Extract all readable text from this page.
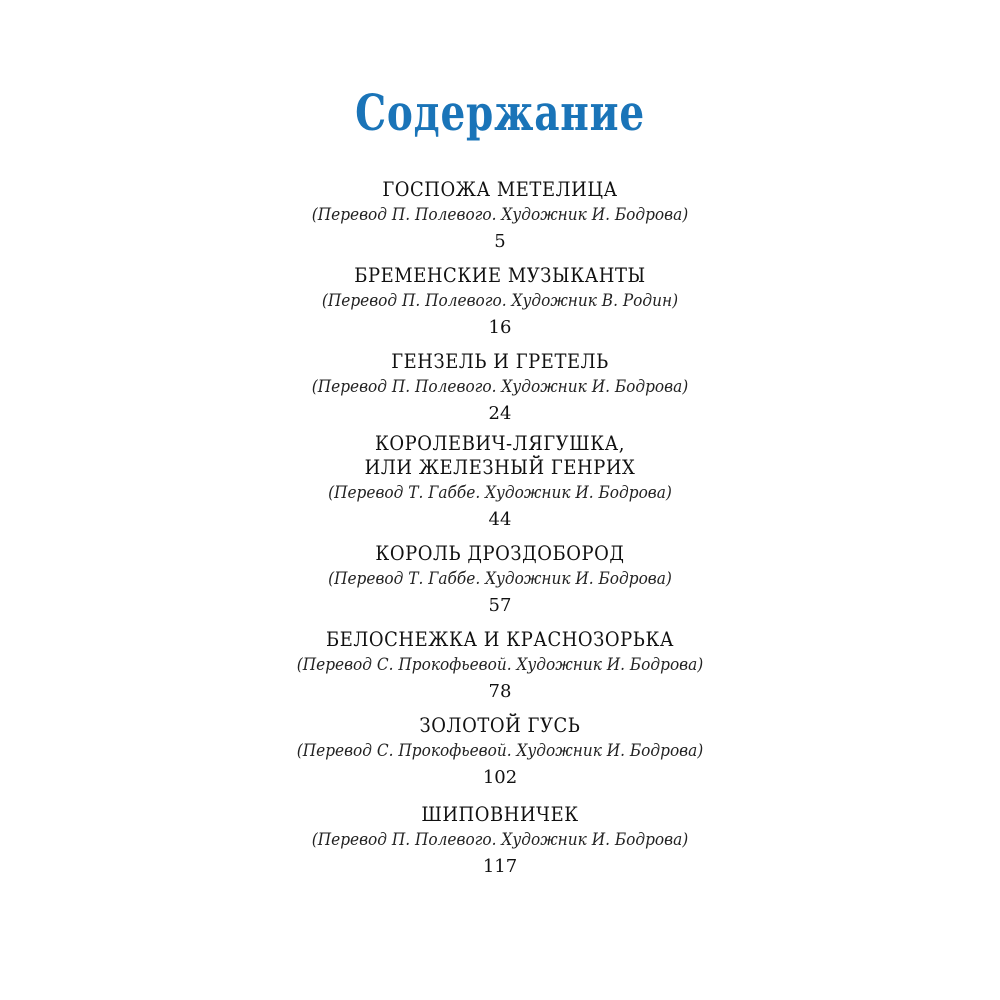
Содержание
ГОСПОЖА МЕТЕЛИЦА
(Перевод П. Полевого. Художник И. Бодрова)
5
БРЕМЕНСКИЕ МУЗЫКАНТЫ
(Перевод П. Полевого. Художник В. Родин)
16
ГЕНЗЕЛЬ И ГРЕТЕЛЬ
(Перевод П. Полевого. Художник И. Бодрова)
24
КОРОЛЕВИЧ-ЛЯГУШКА,
ИЛИ ЖЕЛЕЗНЫЙ ГЕНРИХ
(Перевод Т. Габбе. Художник И. Бодрова)
44
КОРОЛЬ ДРОЗДОБОРОД
(Перевод Т. Габбе. Художник И. Бодрова)
57
БЕЛОСНЕЖКА И КРАСНОЗОРЬКА
(Перевод С. Прокофьевой. Художник И. Бодрова)
78
ЗОЛОТОЙ ГУСЬ
(Перевод С. Прокофьевой. Художник И. Бодрова)
102
ШИПОВНИЧЕК
(Перевод П. Полевого. Художник И. Бодрова)
117
